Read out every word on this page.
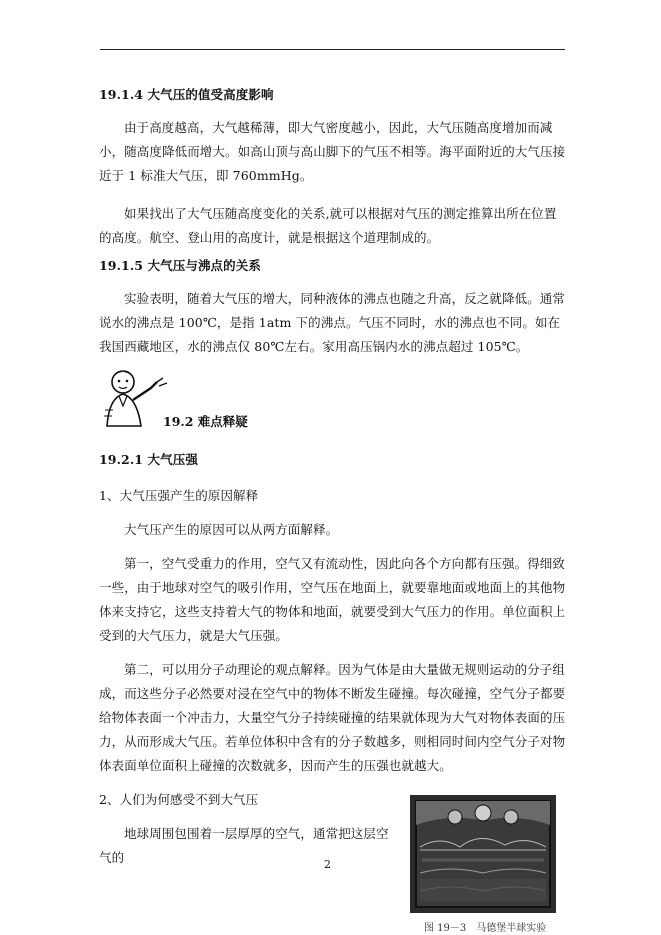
19.1.4 大气压的值受高度影响
由于高度越高，大气越稀薄，即大气密度越小，因此，大气压随高度增加而减小，随高度降低而增大。如高山顶与高山脚下的气压不相等。海平面附近的大气压接近于 1 标准大气压，即 760mmHg。
如果找出了大气压随高度变化的关系,就可以根据对气压的测定推算出所在位置的高度。航空、登山用的高度计，就是根据这个道理制成的。
19.1.5 大气压与沸点的关系
实验表明，随着大气压的增大，同种液体的沸点也随之升高，反之就降低。通常说水的沸点是 100℃，是指 1atm 下的沸点。气压不同时，水的沸点也不同。如在我国西藏地区，水的沸点仅 80℃左右。家用高压锅内水的沸点超过 105℃。
19.2 难点释疑
19.2.1 大气压强
1、大气压强产生的原因解释
大气压产生的原因可以从两方面解释。
第一，空气受重力的作用，空气又有流动性，因此向各个方向都有压强。得细致一些，由于地球对空气的吸引作用，空气压在地面上，就要靠地面或地面上的其他物体来支持它，这些支持着大气的物体和地面，就要受到大气压力的作用。单位面积上受到的大气压力，就是大气压强。
第二，可以用分子动理论的观点解释。因为气体是由大量做无规则运动的分子组成，而这些分子必然要对浸在空气中的物体不断发生碰撞。每次碰撞，空气分子都要给物体表面一个冲击力，大量空气分子持续碰撞的结果就体现为大气对物体表面的压力，从而形成大气压。若单位体积中含有的分子数越多，则相同时间内空气分子对物体表面单位面积上碰撞的次数就多，因而产生的压强也就越大。
2、人们为何感受不到大气压
地球周围包围着一层厚厚的空气，通常把这层空气的	2
图 19－3　马德堡半球实验
